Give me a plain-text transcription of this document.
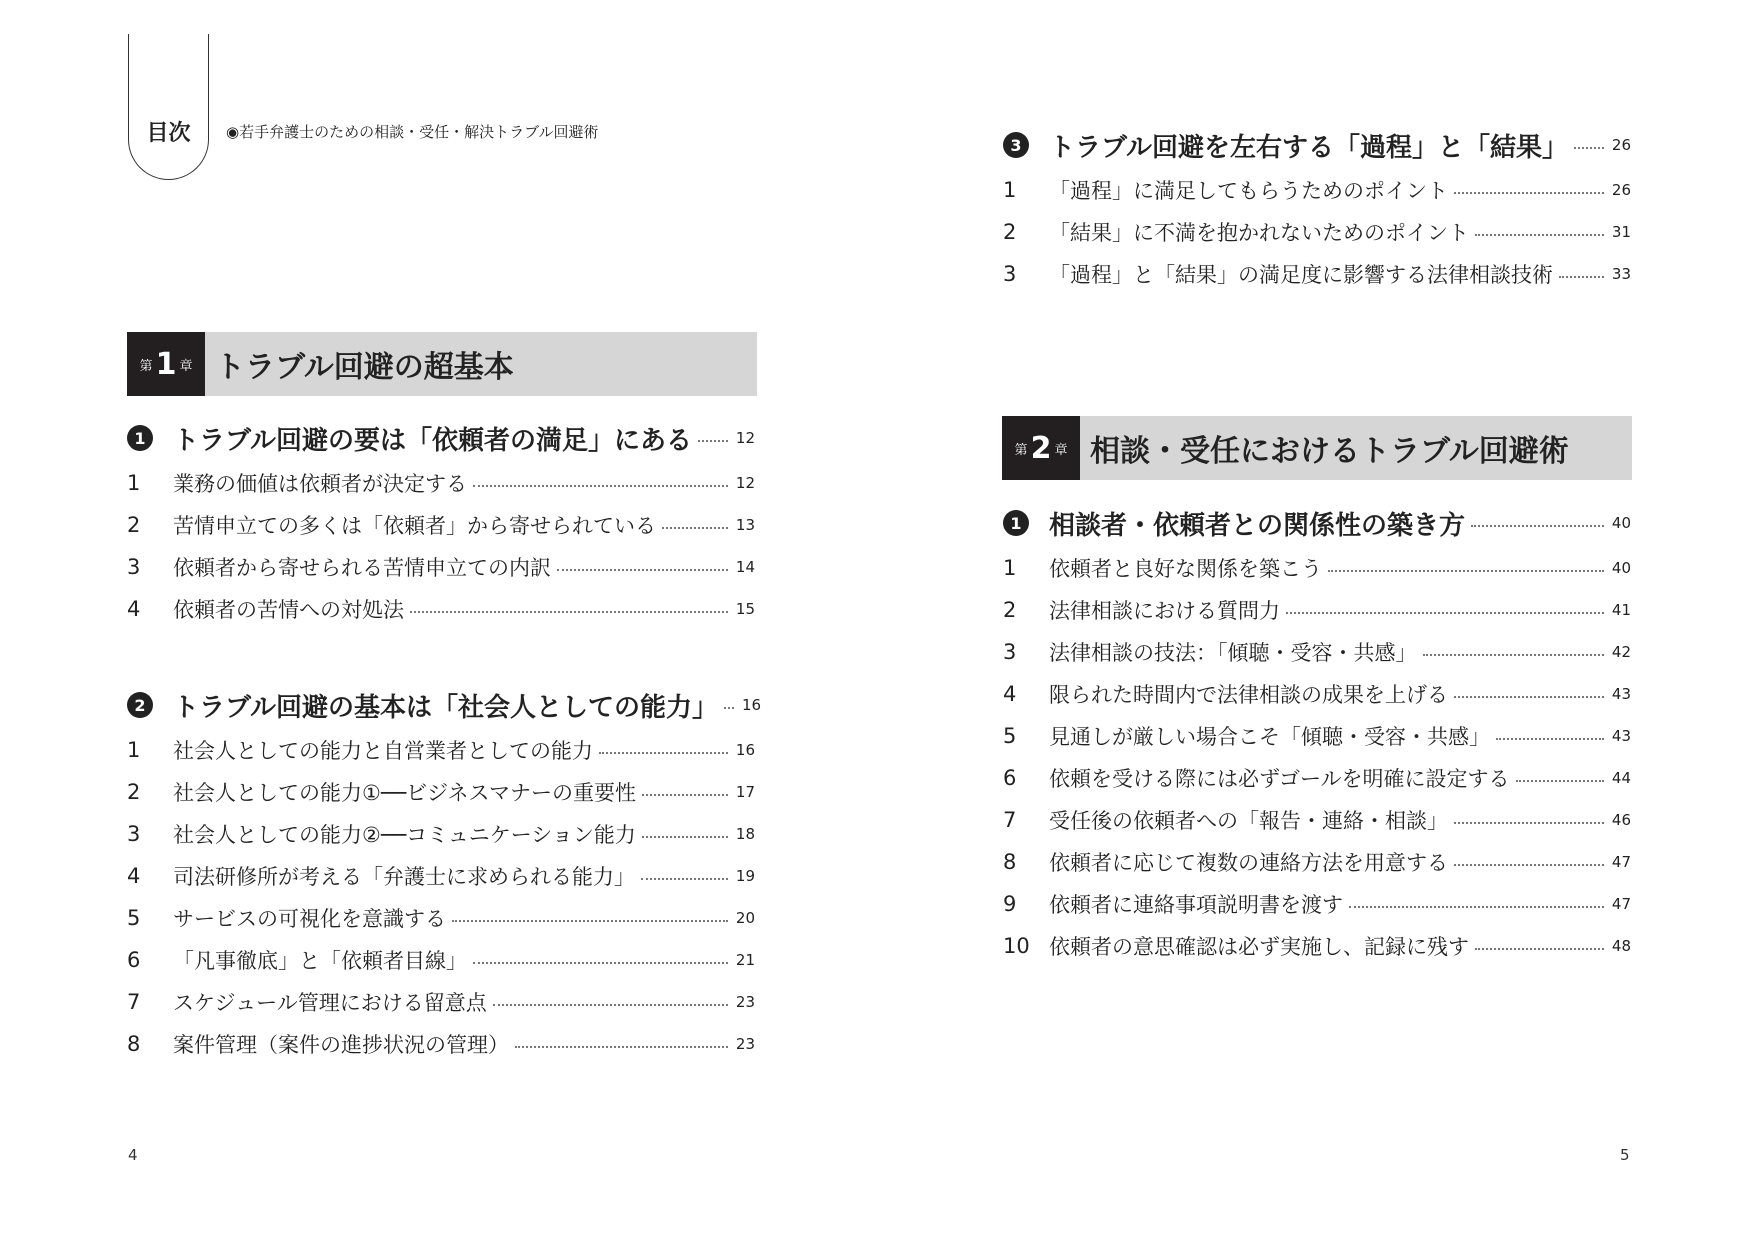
目次	◉若手弁護士のための相談・受任・解決トラブル回避術
第 1 章 トラブル回避の超基本
1 トラブル回避の要は「依頼者の満足」にある	12
1	業務の価値は依頼者が決定する	12
2	苦情申立ての多くは「依頼者」から寄せられている	13
3	依頼者から寄せられる苦情申立ての内訳	14
4	依頼者の苦情への対処法	15
2 トラブル回避の基本は「社会人としての能力」 16
1	社会人としての能力と自営業者としての能力	16
2	社会人としての能力①──ビジネスマナーの重要性	17
3	社会人としての能力②──コミュニケーション能力	18
4	司法研修所が考える「弁護士に求められる能力」	19
5	サービスの可視化を意識する	20
6	「凡事徹底」と「依頼者目線」	21
7	スケジュール管理における留意点	23
8	案件管理（案件の進捗状況の管理）	23
3 トラブル回避を左右する「過程」と「結果」	26
1	「過程」に満足してもらうためのポイント	26
2	「結果」に不満を抱かれないためのポイント	31
3	「過程」と「結果」の満足度に影響する法律相談技術	33
第 2 章 相談・受任におけるトラブル回避術
1 相談者・依頼者との関係性の築き方	40
1	依頼者と良好な関係を築こう	40
2	法律相談における質問力	41
3	法律相談の技法：「傾聴・受容・共感」	42
4	限られた時間内で法律相談の成果を上げる	43
5	見通しが厳しい場合こそ「傾聴・受容・共感」	43
6	依頼を受ける際には必ずゴールを明確に設定する	44
7	受任後の依頼者への「報告・連絡・相談」	46
8	依頼者に応じて複数の連絡方法を用意する	47
9	依頼者に連絡事項説明書を渡す	47
10 依頼者の意思確認は必ず実施し、記録に残す	48
4	5
